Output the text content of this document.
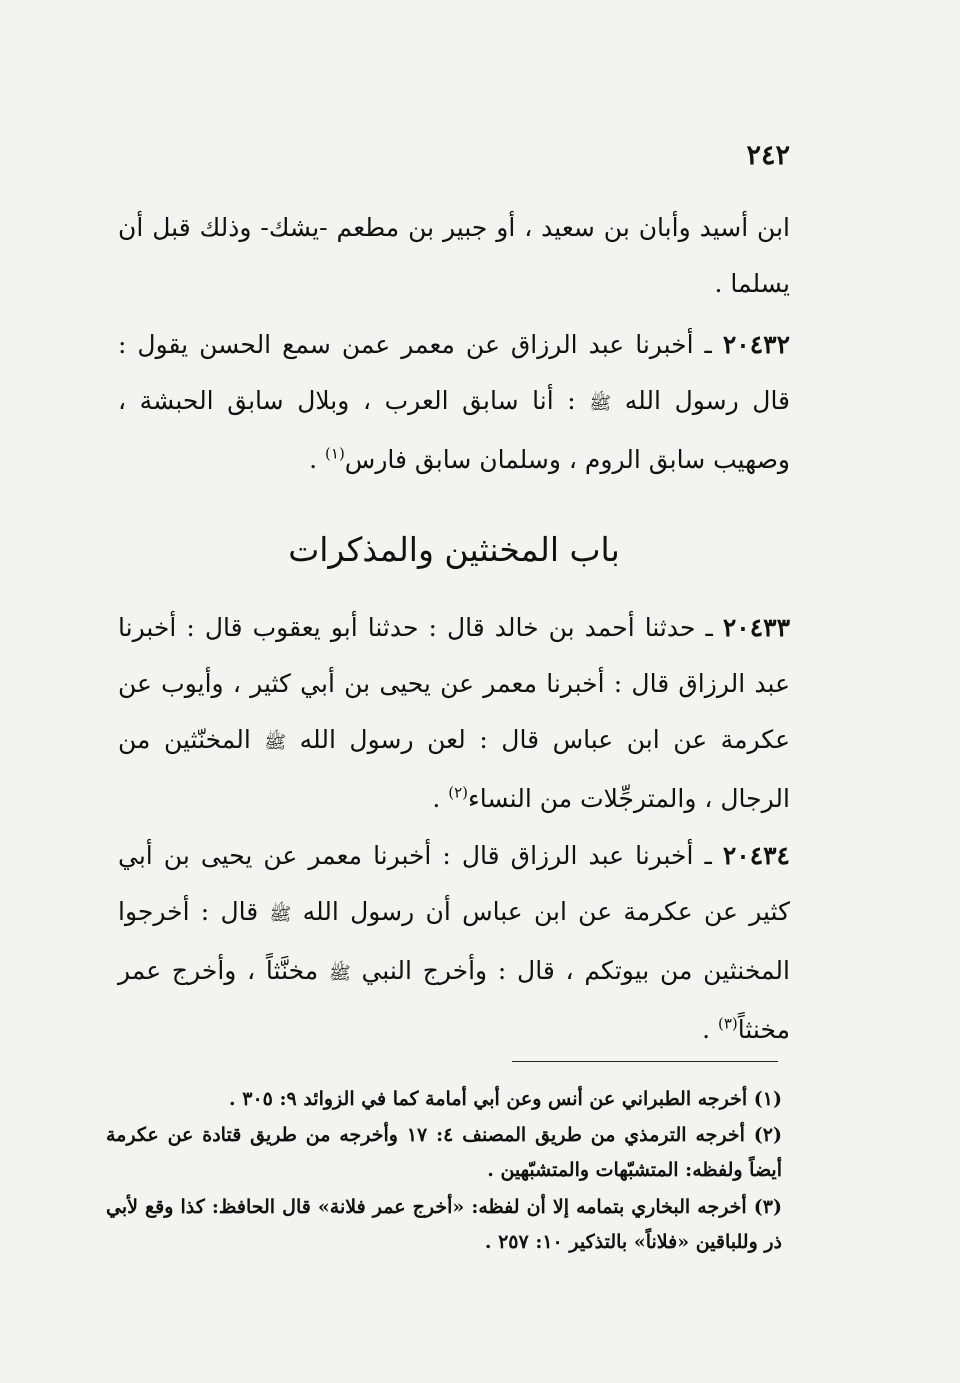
٢٤٢

ابن أسيد وأبان بن سعيد ، أو جبير بن مطعم -يشك- وذلك قبل أن يسلما .

٢٠٤٣٢ ـ أخبرنا عبد الرزاق عن معمر عمن سمع الحسن يقول : قال رسول الله ﷺ : أنا سابق العرب ، وبلال سابق الحبشة ، وصهيب سابق الروم ، وسلمان سابق فارس$^{(١)}$ .

باب المخنثين والمذكرات

٢٠٤٣٣ ـ حدثنا أحمد بن خالد قال : حدثنا أبو يعقوب قال : أخبرنا عبد الرزاق قال : أخبرنا معمر عن يحيى بن أبي كثير ، وأيوب عن عكرمة عن ابن عباس قال : لعن رسول الله ﷺ المخنّثين من الرجال ، والمترجِّلات من النساء$^{(٢)}$ .

٢٠٤٣٤ ـ أخبرنا عبد الرزاق قال : أخبرنا معمر عن يحيى بن أبي كثير عن عكرمة عن ابن عباس أن رسول الله ﷺ قال : أخرجوا المخنثين من بيوتكم ، قال : وأخرج النبي ﷺ مخنَّثاً ، وأخرج عمر مخنثاً$^{(٣)}$ .

(١) أخرجه الطبراني عن أنس وعن أبي أمامة كما في الزوائد ٩: ٣٠٥ .

(٢) أخرجه الترمذي من طريق المصنف ٤: ١٧ وأخرجه من طريق قتادة عن عكرمة أيضاً ولفظه: المتشبّهات والمتشبّهين .

(٣) أخرجه البخاري بتمامه إلا أن لفظه: «أخرج عمر فلانة» قال الحافظ: كذا وقع لأبي ذر وللباقين «فلاناً» بالتذكير ١٠: ٢٥٧ .
